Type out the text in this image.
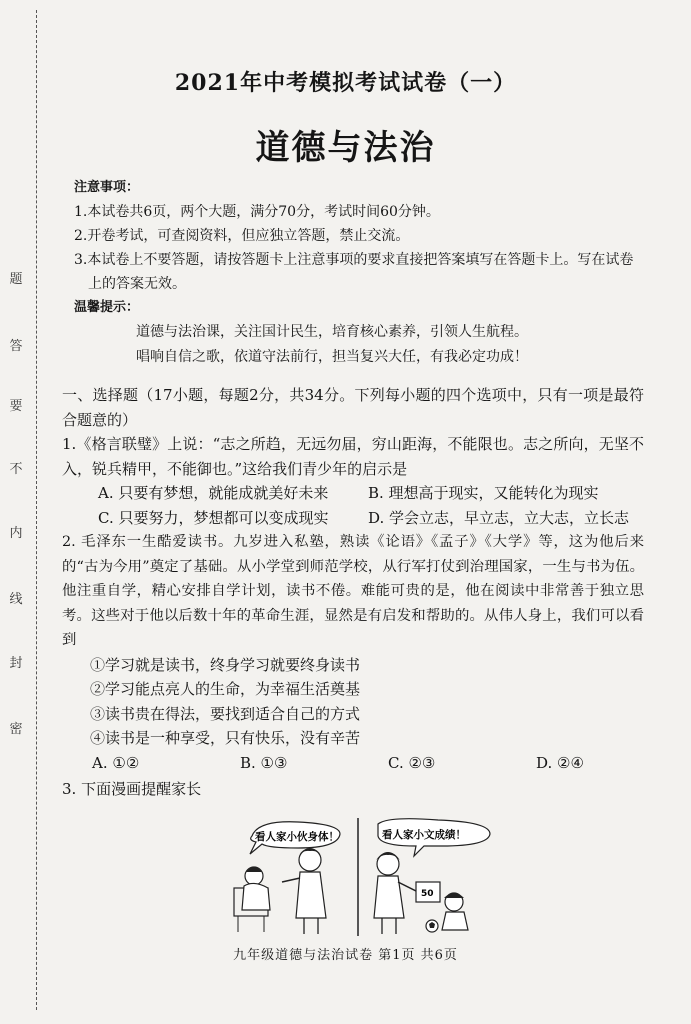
题
答
要
不
内
线
封
密
2021年中考模拟考试试卷（一）
道德与法治
注意事项：
1.本试卷共6页，两个大题，满分70分，考试时间60分钟。
2.开卷考试，可查阅资料，但应独立答题，禁止交流。
3.本试卷上不要答题，请按答题卡上注意事项的要求直接把答案填写在答题卡上。写在试卷上的答案无效。
温馨提示：
道德与法治课，关注国计民生，培育核心素养，引领人生航程。
唱响自信之歌，依道守法前行，担当复兴大任，有我必定功成！
一、选择题（17小题，每题2分，共34分。下列每小题的四个选项中，只有一项是最符合题意的）
1.《格言联璧》上说：“志之所趋，无远勿届，穷山距海，不能限也。志之所向，无坚不入，锐兵精甲，不能御也。”这给我们青少年的启示是
A. 只要有梦想，就能成就美好未来	B. 理想高于现实，又能转化为现实
C. 只要努力，梦想都可以变成现实	D. 学会立志，早立志，立大志，立长志
2. 毛泽东一生酷爱读书。九岁进入私塾，熟读《论语》《孟子》《大学》等，这为他后来的“古为今用”奠定了基础。从小学堂到师范学校，从行军打仗到治理国家，一生与书为伍。他注重自学，精心安排自学计划，读书不倦。难能可贵的是，他在阅读中非常善于独立思考。这些对于他以后数十年的革命生涯，显然是有启发和帮助的。从伟人身上，我们可以看到
①学习就是读书，终身学习就要终身读书
②学习能点亮人的生命，为幸福生活奠基
③读书贵在得法，要找到适合自己的方式
④读书是一种享受，只有快乐，没有辛苦
A. ①②	B. ①③	C. ②③	D. ②④
3. 下面漫画提醒家长
看人家小伙身体！	看人家小文成绩！
50
九年级道德与法治试卷 第1页 共6页
